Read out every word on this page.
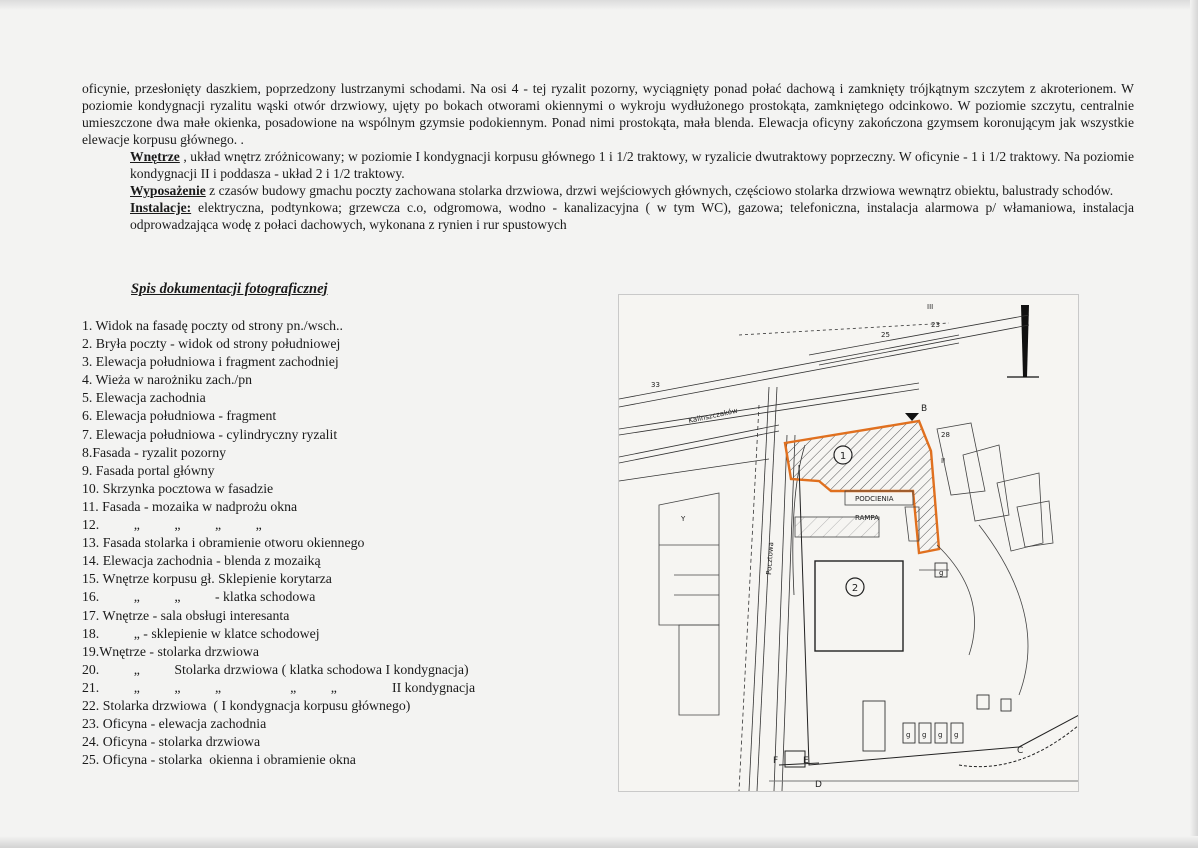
oficynie, przesłonięty daszkiem, poprzedzony lustrzanymi schodami. Na osi 4 - tej ryzalit pozorny, wyciągnięty ponad połać dachową i zamknięty trójkątnym szczytem z akroterionem. W poziomie kondygnacji ryzalitu wąski otwór drzwiowy, ujęty po bokach otworami okiennymi o wykroju wydłużonego prostokąta, zamkniętego odcinkowo. W poziomie szczytu, centralnie umieszczone dwa małe okienka, posadowione na wspólnym gzymsie podokiennym. Ponad nimi prostokąta, mała blenda. Elewacja oficyny zakończona gzymsem koronującym jak wszystkie elewacje korpusu głównego. .

Wnętrze , układ wnętrz zróżnicowany; w poziomie I kondygnacji korpusu głównego 1 i 1/2 traktowy, w ryzalicie dwutraktowy poprzeczny. W oficynie - 1 i 1/2 traktowy. Na poziomie kondygnacji II i poddasza - układ 2 i 1/2 traktowy.

Wyposażenie z czasów budowy gmachu poczty zachowana stolarka drzwiowa, drzwi wejściowych głównych, częściowo stolarka drzwiowa wewnątrz obiektu, balustrady schodów.

Instalacje: elektryczna, podtynkowa; grzewcza c.o, odgromowa, wodno - kanalizacyjna ( w tym WC), gazowa; telefoniczna, instalacja alarmowa p/ włamaniowa, instalacja odprowadzająca wodę z połaci dachowych, wykonana z rynien i rur spustowych

Spis dokumentacji fotograficznej
1. Widok na fasadę poczty od strony pn./wsch..
2. Bryła poczty - widok od strony południowej
3. Elewacja południowa i fragment zachodniej
4. Wieża w narożniku zach./pn
5. Elewacja zachodnia
6. Elewacja południowa - fragment
7. Elewacja południowa - cylindryczny ryzalit
8.Fasada - ryzalit pozorny
9. Fasada portal główny
10. Skrzynka pocztowa w fasadzie
11. Fasada - mozaika w nadprożu okna
12.          „          „          „          „
13. Fasada stolarka i obramienie otworu okiennego
14. Elewacja zachodnia - blenda z mozaiką
15. Wnętrze korpusu gł. Sklepienie korytarza
16.          „          „          - klatka schodowa
17. Wnętrze - sala obsługi interesanta
18.          „ - sklepienie w klatce schodowej
19.Wnętrze - stolarka drzwiowa
20.          „          Stolarka drzwiowa ( klatka schodowa I kondygnacja)
21.          „          „          „                    „          „                II kondygnacja
22. Stolarka drzwiowa  ( I kondygnacja korpusu głównego)
23. Oficyna - elewacja zachodnia
24. Oficyna - stolarka drzwiowa
25. Oficyna - stolarka  okienna i obramienie okna
1
PODCIENIA
RAMPA
2
g g g g
Kalinszczaków
Pocztowa
B
C
D
E
F
25
23
28
33
II
III
Y
g
